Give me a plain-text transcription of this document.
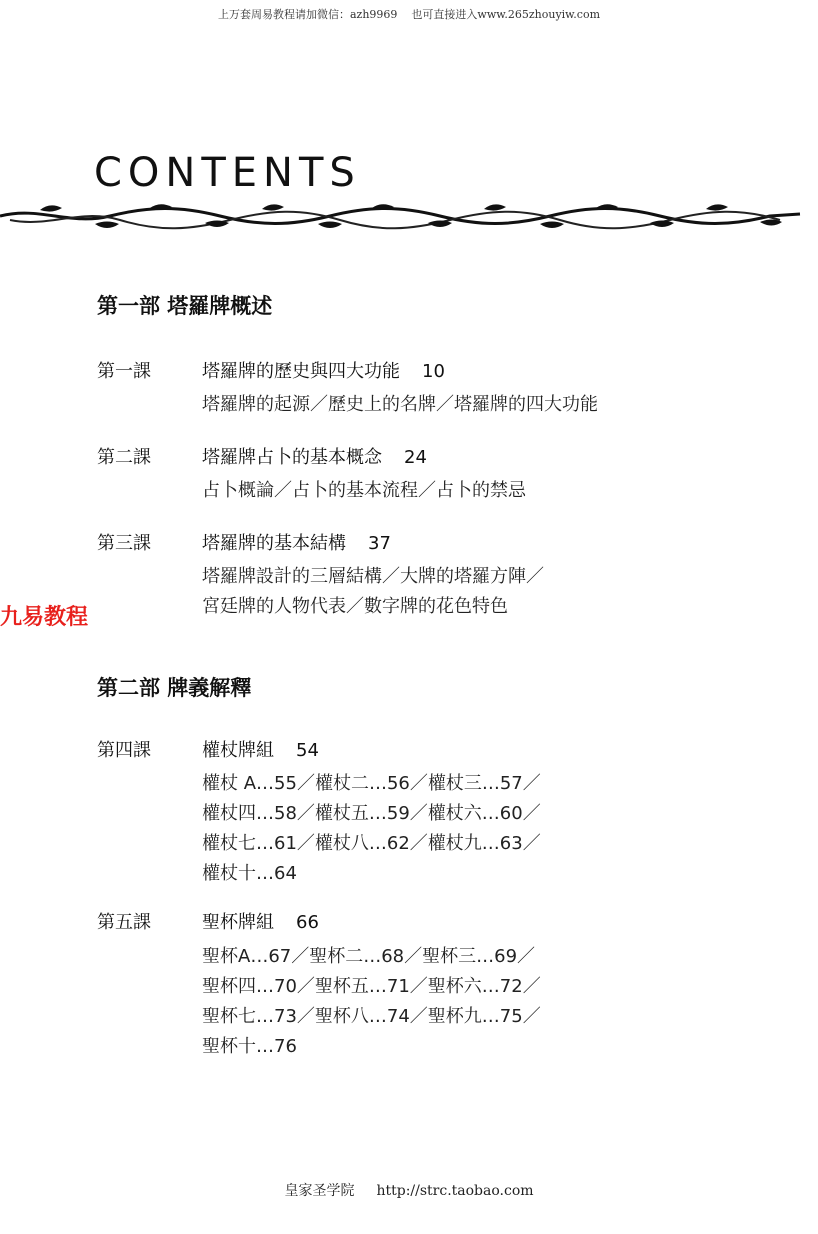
上万套周易教程请加微信：azh9969 也可直接进入www.265zhouyiw.com
CONTENTS
九易教程
第一部 塔羅牌概述
第一課	塔羅牌的歷史與四大功能 10
塔羅牌的起源／歷史上的名牌／塔羅牌的四大功能
第二課	塔羅牌占卜的基本概念 24
占卜概論／占卜的基本流程／占卜的禁忌
第三課	塔羅牌的基本結構 37
塔羅牌設計的三層結構／大牌的塔羅方陣／
宮廷牌的人物代表／數字牌的花色特色
第二部 牌義解釋
第四課	權杖牌組 54
權杖 A…55／權杖二…56／權杖三…57／
權杖四…58／權杖五…59／權杖六…60／
權杖七…61／權杖八…62／權杖九…63／
權杖十…64
第五課	聖杯牌組 66
聖杯A…67／聖杯二…68／聖杯三…69／
聖杯四…70／聖杯五…71／聖杯六…72／
聖杯七…73／聖杯八…74／聖杯九…75／
聖杯十…76
皇家圣学院 http://strc.taobao.com
